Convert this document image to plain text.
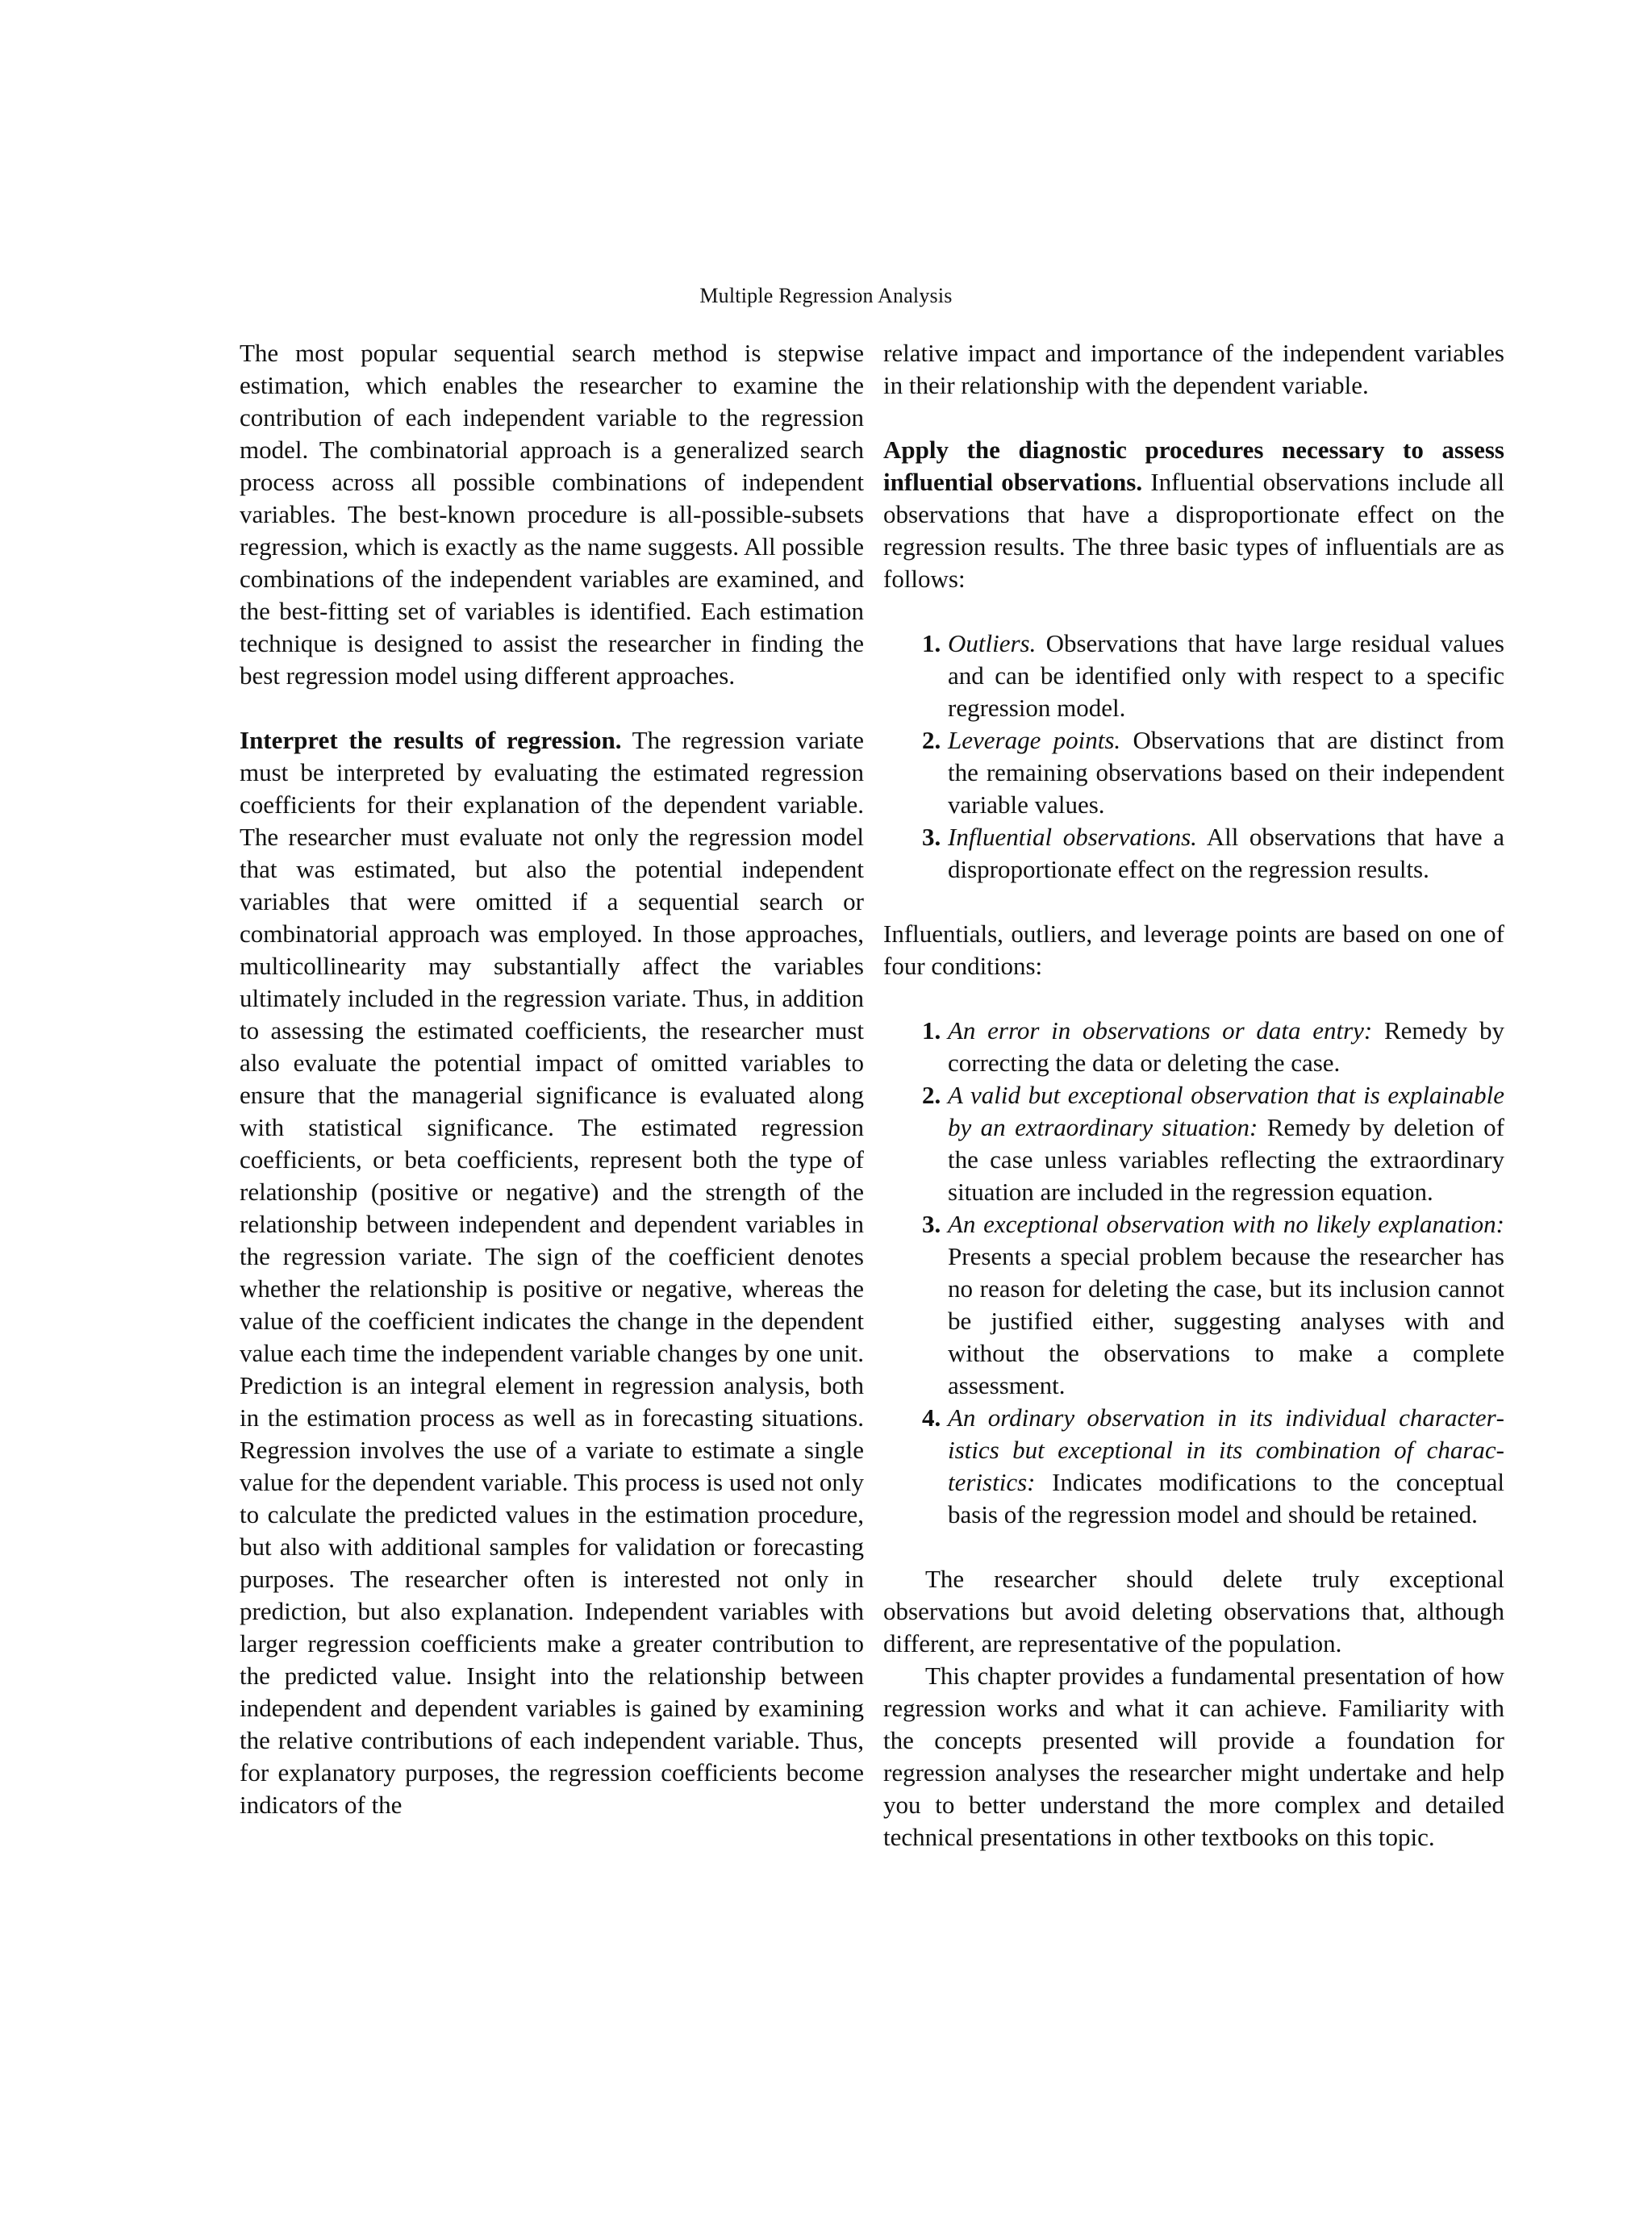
Multiple Regression Analysis

The most popular sequential search method is stepwise estimation, which enables the researcher to examine the contribution of each independent variable to the regression model. The combinatorial approach is a generalized search process across all possible combinations of independent variables. The best-known procedure is all-possible-subsets regression, which is exactly as the name suggests. All possible combinations of the independent variables are examined, and the best-fitting set of variables is identified. Each estimation technique is designed to assist the researcher in finding the best regression model using different approaches.

Interpret the results of regression. The regression variate must be interpreted by evaluating the estimated regression coefficients for their explanation of the dependent variable. The researcher must evaluate not only the regression model that was estimated, but also the potential independent variables that were omitted if a sequential search or combinatorial approach was employed. In those approaches, multicollinearity may substantially affect the variables ultimately included in the regression variate. Thus, in addition to assessing the estimated coefficients, the researcher must also evaluate the potential impact of omitted variables to ensure that the managerial significance is evaluated along with statistical significance. The estimated regression coefficients, or beta coefficients, represent both the type of relationship (positive or negative) and the strength of the relationship between independent and dependent variables in the regression variate. The sign of the coefficient denotes whether the relationship is positive or negative, whereas the value of the coefficient indicates the change in the dependent value each time the independent variable changes by one unit. Prediction is an integral element in regression analysis, both in the estimation process as well as in forecasting situations. Regression involves the use of a variate to estimate a single value for the dependent variable. This process is used not only to calculate the predicted values in the estimation procedure, but also with additional samples for validation or forecasting purposes. The researcher often is interested not only in prediction, but also explanation. Independent variables with larger regression coefficients make a greater contribution to the predicted value. Insight into the relationship between independent and dependent variables is gained by examining the relative contributions of each independent variable. Thus, for explanatory purposes, the regression coefficients become indicators of the

relative impact and importance of the independent variables in their relationship with the dependent variable.

Apply the diagnostic procedures necessary to assess influential observations. Influential observations include all observations that have a disproportionate effect on the regression results. The three basic types of influentials are as follows:

1. Outliers. Observations that have large residual values and can be identified only with respect to a specific regression model.
2. Leverage points. Observations that are distinct from the remaining observations based on their independent variable values.
3. Influential observations. All observations that have a disproportionate effect on the regression results.

Influentials, outliers, and leverage points are based on one of four conditions:

1. An error in observations or data entry: Remedy by correcting the data or deleting the case.
2. A valid but exceptional observation that is explainable by an extraordinary situation: Remedy by deletion of the case unless variables reflecting the extraordinary situation are included in the regression equation.
3. An exceptional observation with no likely explanation: Presents a special problem because the researcher has no reason for deleting the case, but its inclusion cannot be justified either, suggesting analyses with and without the observations to make a complete assessment.
4. An ordinary observation in its individual characteristics but exceptional in its combination of characteristics: Indicates modifications to the conceptual basis of the regression model and should be retained.

The researcher should delete truly exceptional observations but avoid deleting observations that, although different, are representative of the population.

This chapter provides a fundamental presentation of how regression works and what it can achieve. Familiarity with the concepts presented will provide a foundation for regression analyses the researcher might undertake and help you to better understand the more complex and detailed technical presentations in other textbooks on this topic.
